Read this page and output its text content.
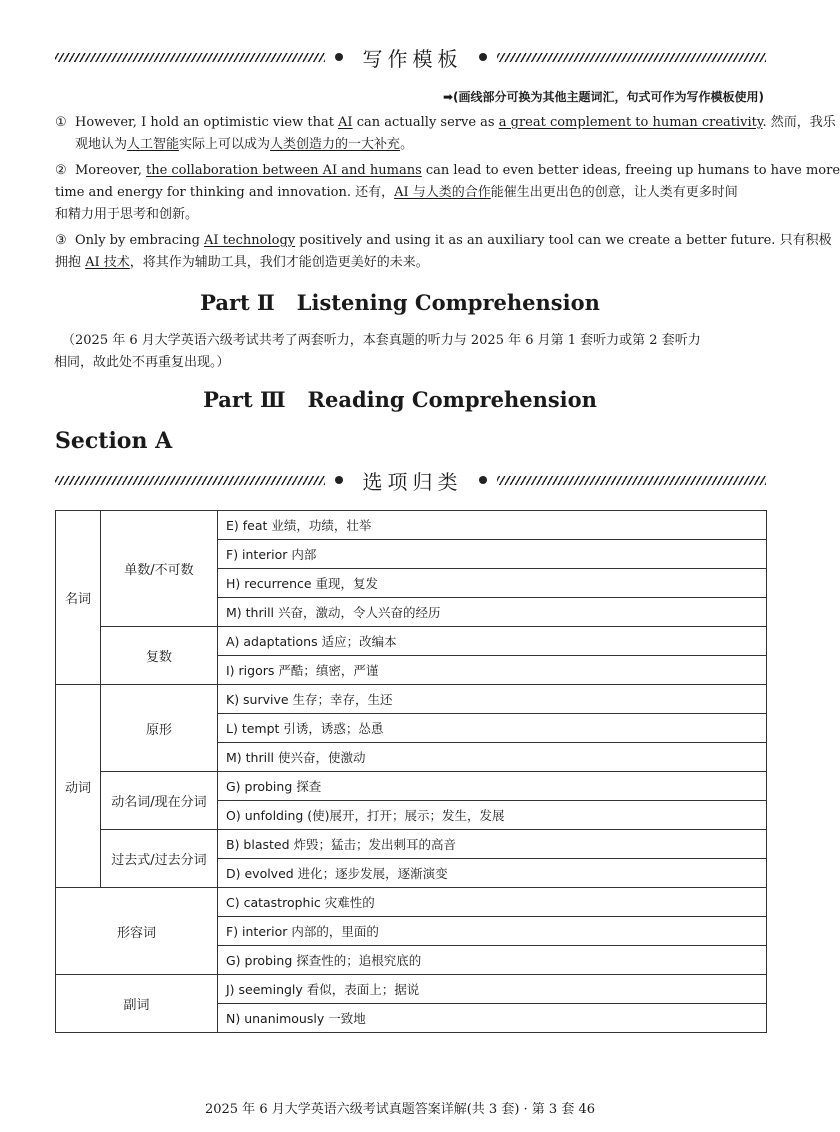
写作模板
➡(画线部分可换为其他主题词汇，句式可作为写作模板使用)
① However, I hold an optimistic view that AI can actually serve as a great complement to human creativity. 然而，我乐
观地认为人工智能实际上可以成为人类创造力的一大补充。
② Moreover, the collaboration between AI and humans can lead to even better ideas, freeing up humans to have more
time and energy for thinking and innovation. 还有，AI 与人类的合作能催生出更出色的创意，让人类有更多时间
和精力用于思考和创新。
③ Only by embracing AI technology positively and using it as an auxiliary tool can we create a better future. 只有积极
拥抱 AI 技术，将其作为辅助工具，我们才能创造更美好的未来。
Part Ⅱ Listening Comprehension
（2025 年 6 月大学英语六级考试共考了两套听力，本套真题的听力与 2025 年 6 月第 1 套听力或第 2 套听力
相同，故此处不再重复出现。）
Part Ⅲ Reading Comprehension
Section A
选项归类
名词	单数/不可数	E) feat 业绩，功绩，壮举
		F) interior 内部
		H) recurrence 重现，复发
		M) thrill 兴奋，激动，令人兴奋的经历
	复数	A) adaptations 适应；改编本
		I) rigors 严酷；缜密，严谨
动词	原形	K) survive 生存；幸存，生还
		L) tempt 引诱，诱惑；怂恿
		M) thrill 使兴奋，使激动
	动名词/现在分词	G) probing 探查
		O) unfolding (使)展开，打开；展示；发生，发展
	过去式/过去分词	B) blasted 炸毁；猛击；发出刺耳的高音
		D) evolved 进化；逐步发展，逐渐演变
形容词		C) catastrophic 灾难性的
		F) interior 内部的，里面的
		G) probing 探查性的；追根究底的
副词		J) seemingly 看似，表面上；据说
		N) unanimously 一致地
2025 年 6 月大学英语六级考试真题答案详解(共 3 套) · 第 3 套 46
